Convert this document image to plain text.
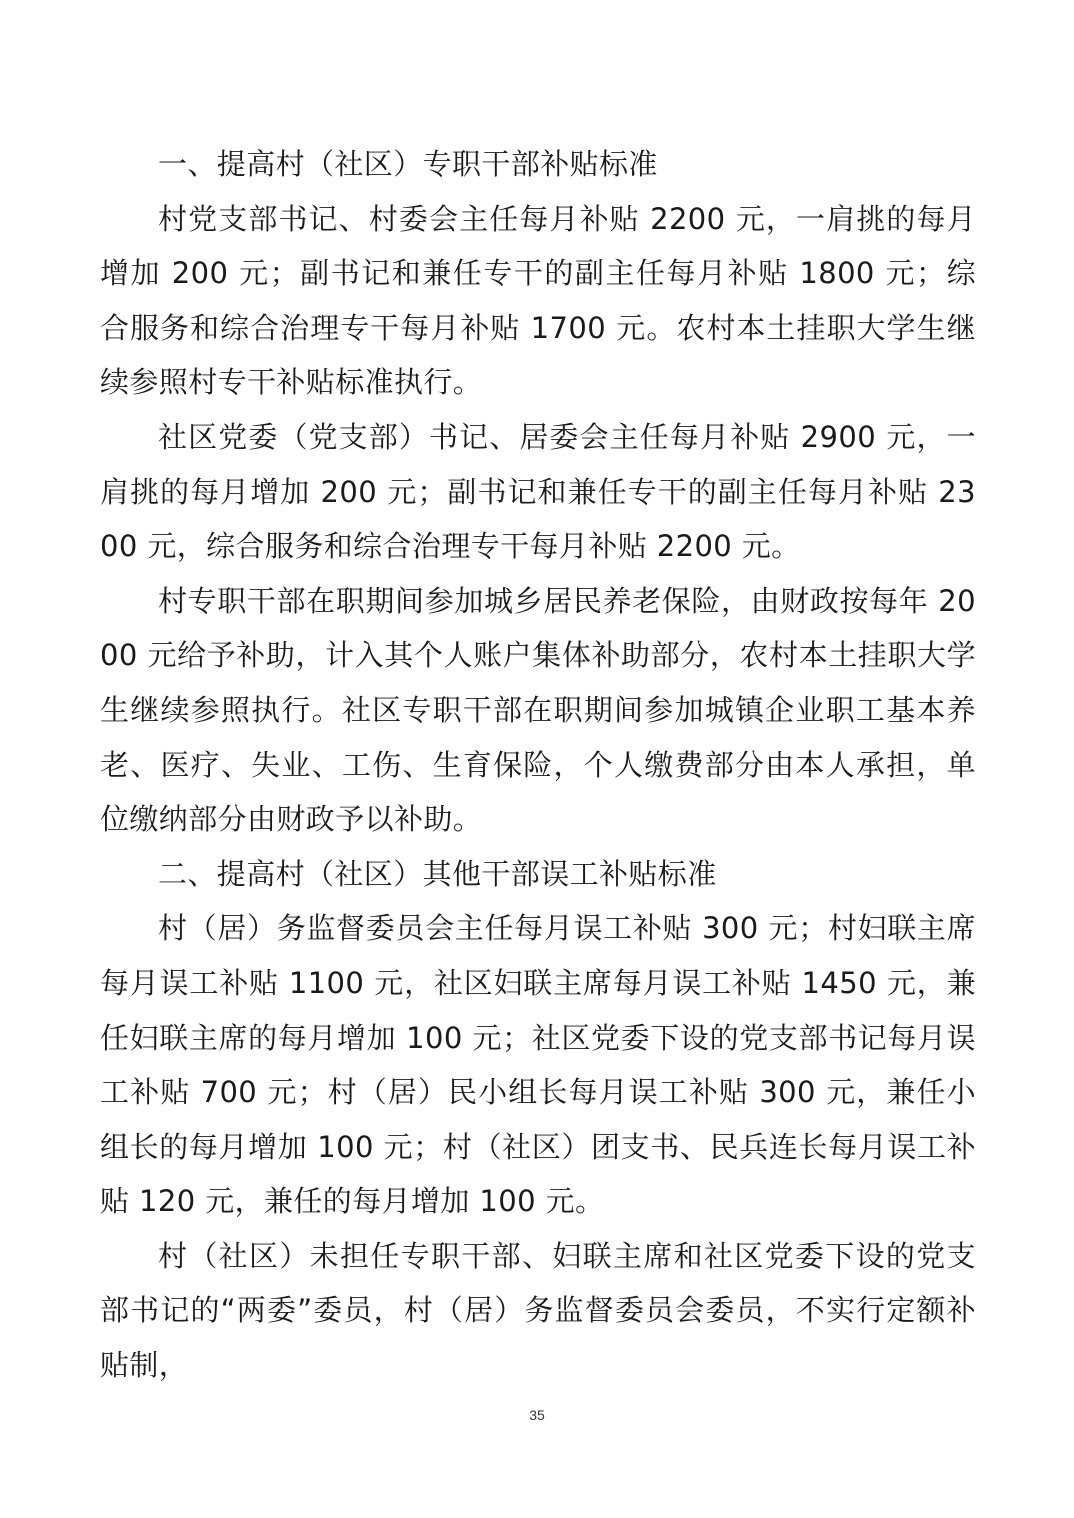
一、提高村（社区）专职干部补贴标准

村党支部书记、村委会主任每月补贴 2200 元，一肩挑的每月增加 200 元；副书记和兼任专干的副主任每月补贴 1800 元；综合服务和综合治理专干每月补贴 1700 元。农村本土挂职大学生继续参照村专干补贴标准执行。

社区党委（党支部）书记、居委会主任每月补贴 2900 元，一肩挑的每月增加 200 元；副书记和兼任专干的副主任每月补贴 2300 元，综合服务和综合治理专干每月补贴 2200 元。

村专职干部在职期间参加城乡居民养老保险，由财政按每年 2000 元给予补助，计入其个人账户集体补助部分，农村本土挂职大学生继续参照执行。社区专职干部在职期间参加城镇企业职工基本养老、医疗、失业、工伤、生育保险，个人缴费部分由本人承担，单位缴纳部分由财政予以补助。

二、提高村（社区）其他干部误工补贴标准

村（居）务监督委员会主任每月误工补贴 300 元；村妇联主席每月误工补贴 1100 元，社区妇联主席每月误工补贴 1450 元，兼任妇联主席的每月增加 100 元；社区党委下设的党支部书记每月误工补贴 700 元；村（居）民小组长每月误工补贴 300 元，兼任小组长的每月增加 100 元；村（社区）团支书、民兵连长每月误工补贴 120 元，兼任的每月增加 100 元。

村（社区）未担任专职干部、妇联主席和社区党委下设的党支部书记的“两委”委员，村（居）务监督委员会委员，不实行定额补贴制，

35
